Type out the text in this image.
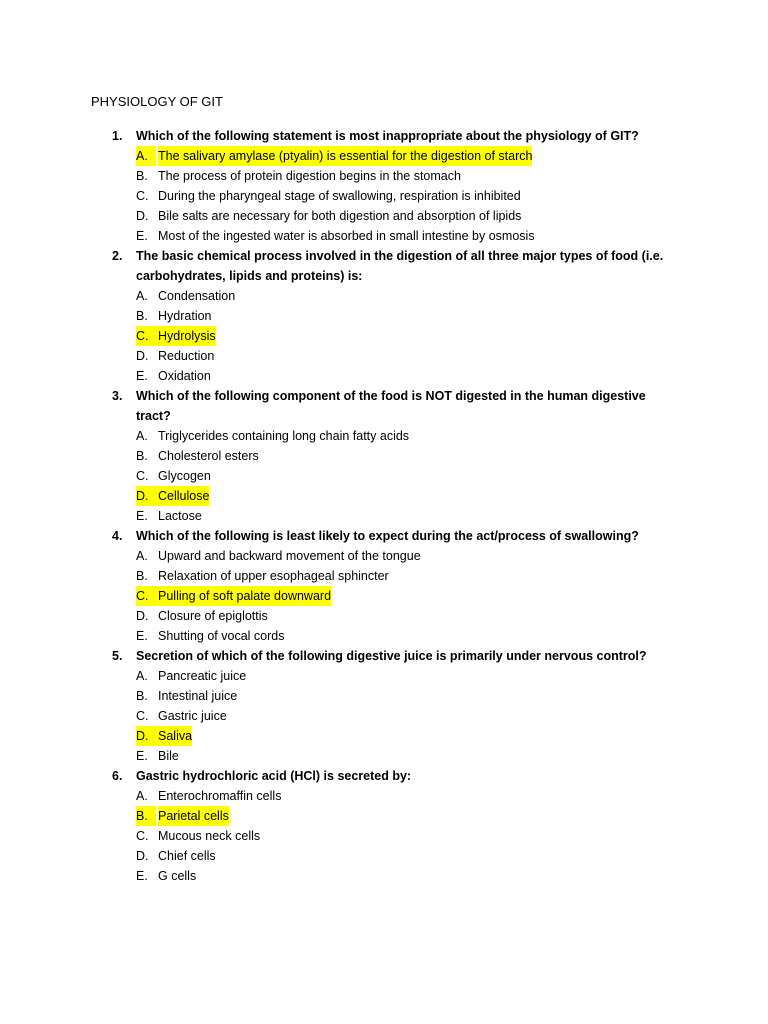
PHYSIOLOGY OF GIT
1. Which of the following statement is most inappropriate about the physiology of GIT?
A. The salivary amylase (ptyalin) is essential for the digestion of starch
B. The process of protein digestion begins in the stomach
C. During the pharyngeal stage of swallowing, respiration is inhibited
D. Bile salts are necessary for both digestion and absorption of lipids
E. Most of the ingested water is absorbed in small intestine by osmosis
2. The basic chemical process involved in the digestion of all three major types of food (i.e. carbohydrates, lipids and proteins) is:
A. Condensation
B. Hydration
C. Hydrolysis
D. Reduction
E. Oxidation
3. Which of the following component of the food is NOT digested in the human digestive tract?
A. Triglycerides containing long chain fatty acids
B. Cholesterol esters
C. Glycogen
D. Cellulose
E. Lactose
4. Which of the following is least likely to expect during the act/process of swallowing?
A. Upward and backward movement of the tongue
B. Relaxation of upper esophageal sphincter
C. Pulling of soft palate downward
D. Closure of epiglottis
E. Shutting of vocal cords
5. Secretion of which of the following digestive juice is primarily under nervous control?
A. Pancreatic juice
B. Intestinal juice
C. Gastric juice
D. Saliva
E. Bile
6. Gastric hydrochloric acid (HCl) is secreted by:
A. Enterochromaffin cells
B. Parietal cells
C. Mucous neck cells
D. Chief cells
E. G cells
